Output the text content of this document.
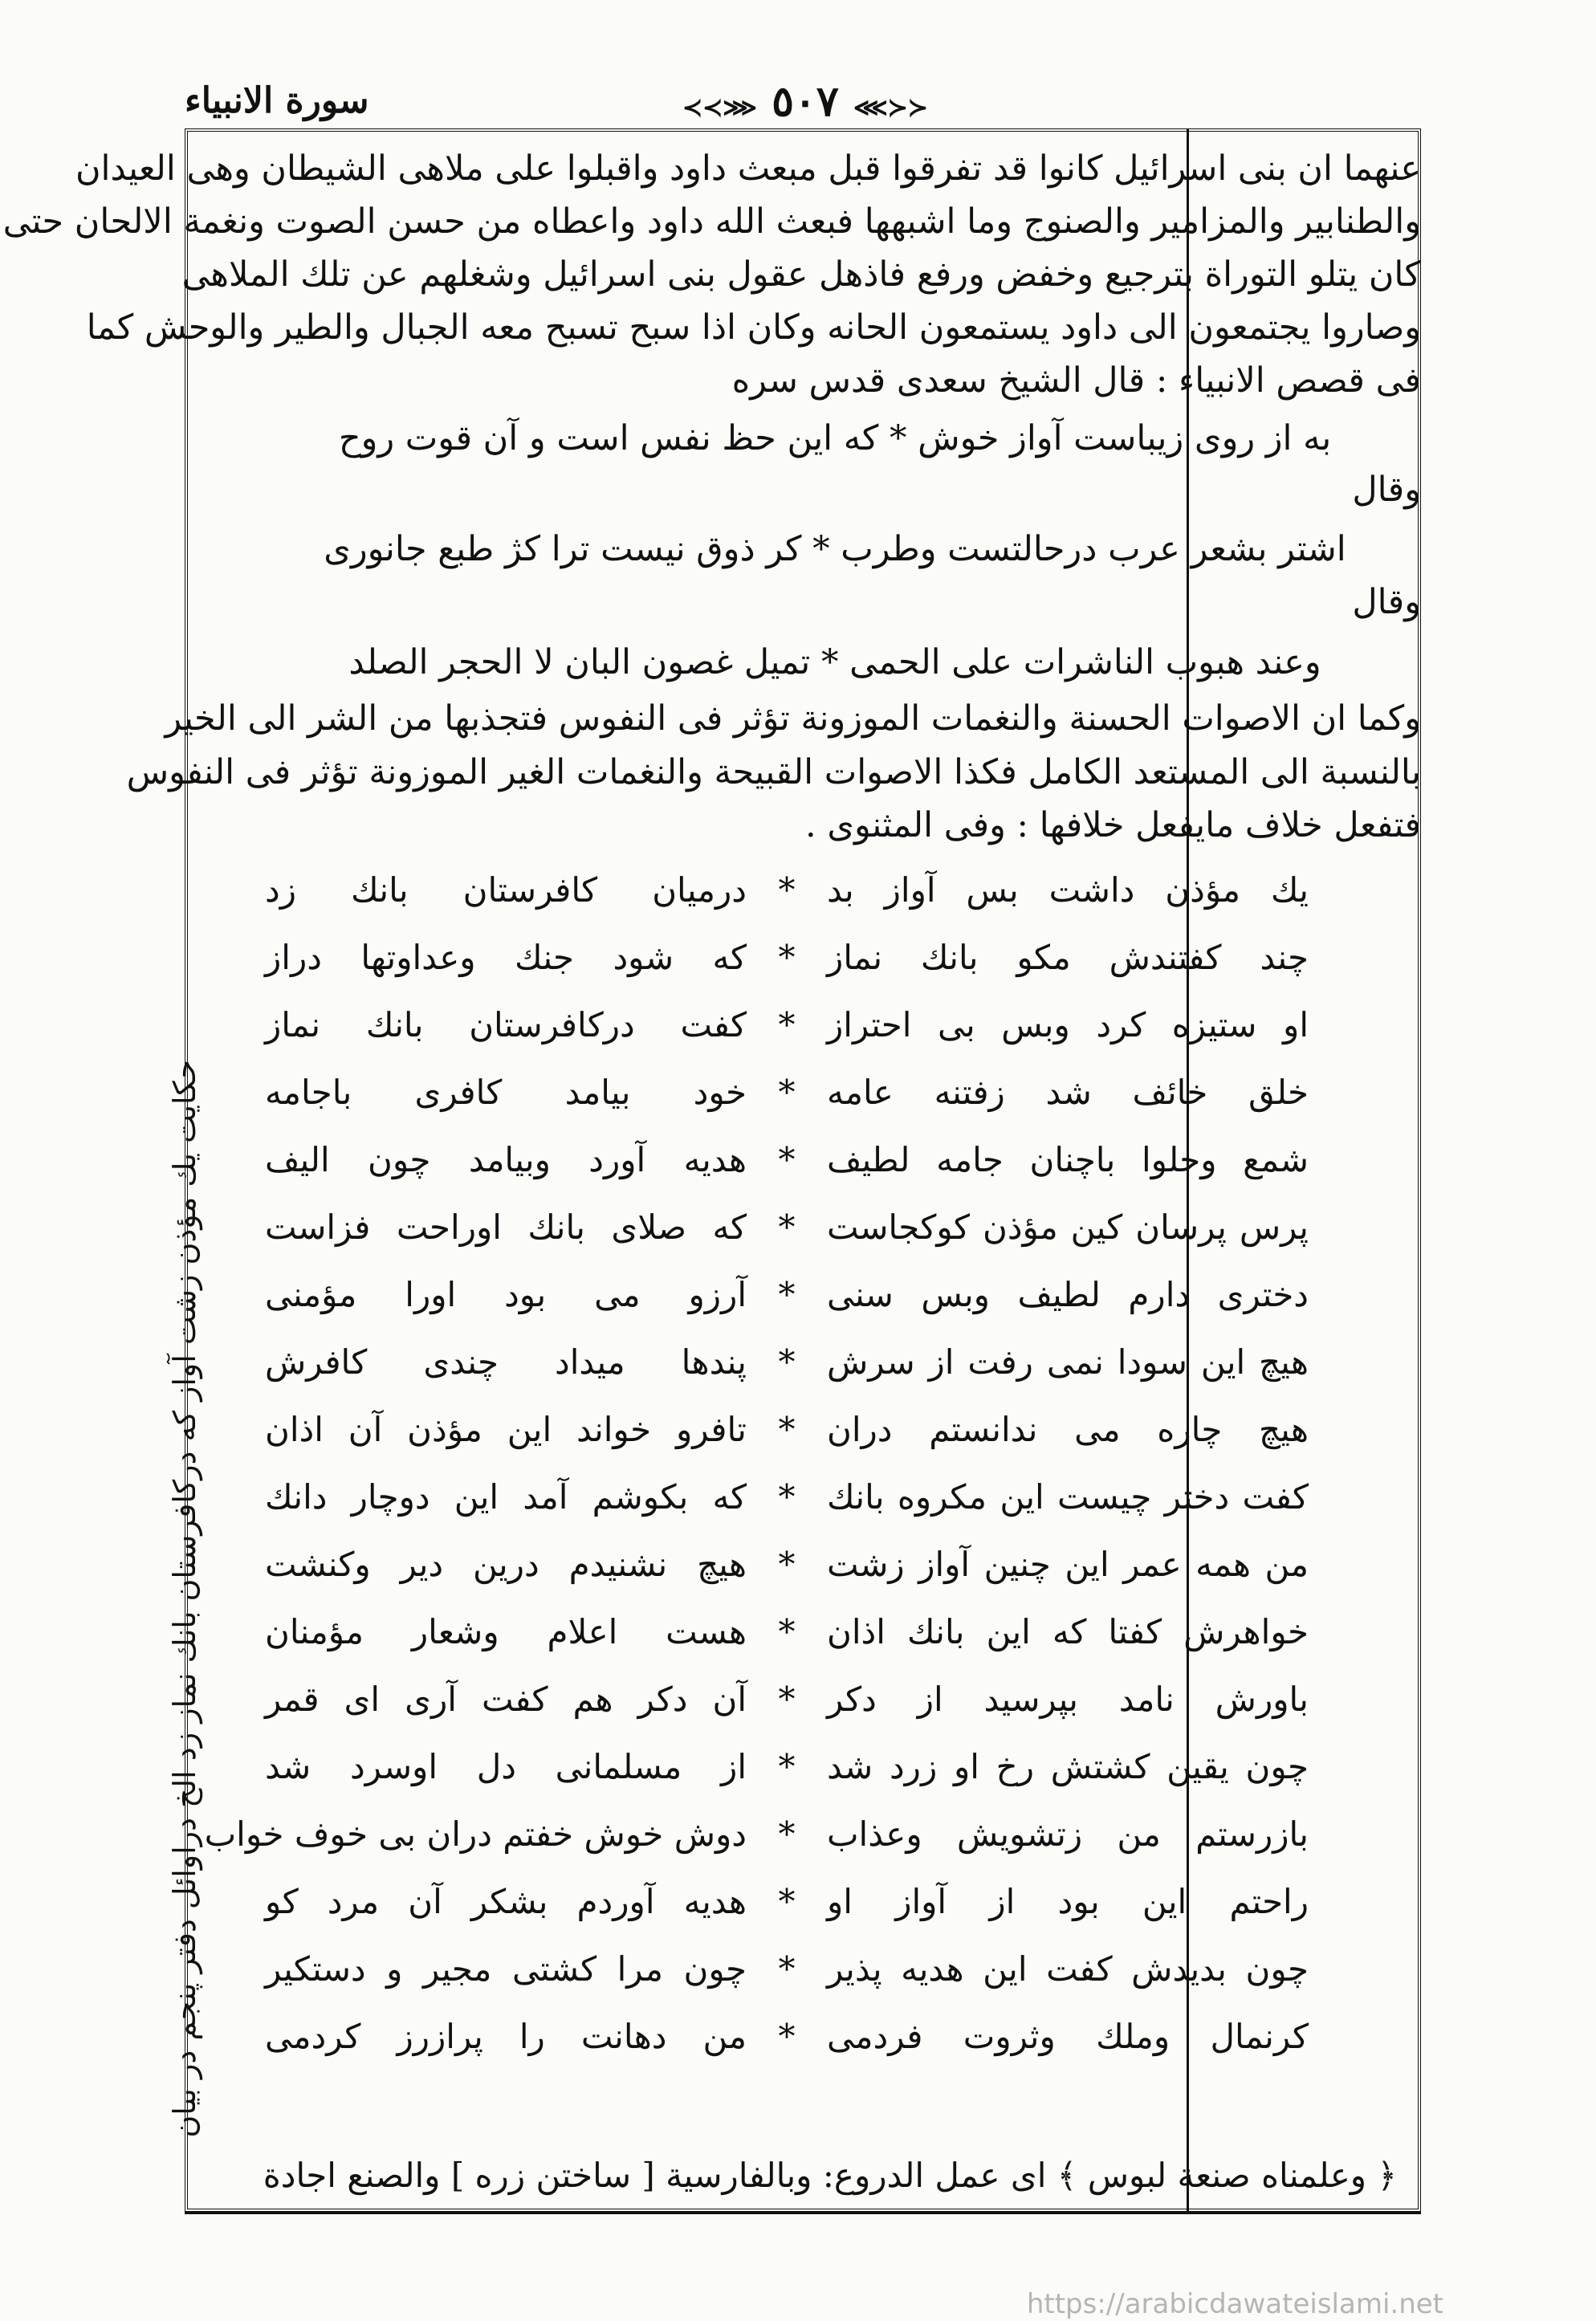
سورة الانبياء	≺≺⋙ ٥٠٧ ⋘≻≻
عنهما ان بنى اسرائيل كانوا قد تفرقوا قبل مبعث داود واقبلوا على ملاهى الشيطان وهى العيدان
والطنابير والمزامير والصنوج وما اشبهها فبعث الله داود واعطاه من حسن الصوت ونغمة الالحان حتى
كان يتلو التوراة بترجيع وخفض ورفع فاذهل عقول بنى اسرائيل وشغلهم عن تلك الملاهى
وصاروا يجتمعون الى داود يستمعون الحانه وكان اذا سبح تسبح معه الجبال والطير والوحش كما
فى قصص الانبياء : قال الشيخ سعدى قدس سره
به از روى زيباست آواز خوش * كه اين حظ نفس است و آن قوت روح
وقال
اشتر بشعر عرب درحالتست وطرب * كر ذوق نيست ترا كژ طبع جانورى
وقال
وعند هبوب الناشرات على الحمى * تميل غصون البان لا الحجر الصلد
وكما ان الاصوات الحسنة والنغمات الموزونة تؤثر فى النفوس فتجذبها من الشر الى الخير
بالنسبة الى المستعد الكامل فكذا الاصوات القبيحة والنغمات الغير الموزونة تؤثر فى النفوس
فتفعل خلاف مايفعل خلافها : وفى المثنوى .
يك مؤذن داشت بس آواز بد
*
درميان كافرستان بانك زد
چند كفتندش مكو بانك نماز
*
كه شود جنك وعداوتها دراز
او ستيزه كرد وبس بى احتراز
*
كفت دركافرستان بانك نماز
خلق خائف شد زفتنه عامه
*
خود بيامد كافرى باجامه
شمع وحلوا باچنان جامه لطيف
*
هديه آورد وبيامد چون اليف
پرس پرسان كين مؤذن كوكجاست
*
كه صلاى بانك اوراحت فزاست
دخترى دارم لطيف وبس سنى
*
آرزو مى بود اورا مؤمنى
هيچ اين سودا نمى رفت از سرش
*
پندها ميداد چندى كافرش
هيچ چاره مى ندانستم دران
*
تافرو خواند اين مؤذن آن اذان
كفت دختر چيست اين مكروه بانك
*
كه بكوشم آمد اين دوچار دانك
من همه عمر اين چنين آواز زشت
*
هيچ نشنيدم درين دير وكنشت
خواهرش كفتا كه اين بانك اذان
*
هست اعلام وشعار مؤمنان
باورش نامد بپرسيد از دكر
*
آن دكر هم كفت آرى اى قمر
چون يقين كشتش رخ او زرد شد
*
از مسلمانى دل اوسرد شد
بازرستم من زتشويش وعذاب
*
دوش خوش خفتم دران بى خوف خواب
راحتم اين بود از آواز او
*
هديه آوردم بشكر آن مرد كو
چون بديدش كفت اين هديه پذير
*
چون مرا كشتى مجير و دستكير
كرنمال وملك وثروت فردمى
*
من دهانت را پرازرز كردمى
حكايت يك مؤذن زشت آواز كه دركافرستان بانك نماز زد الخ دراوائل دفتر پنجم در بيان
﴿ وعلمناه صنعة لبوس ﴾ اى عمل الدروع: وبالفارسية [ ساختن زره ] والصنع اجادة
https://arabicdawateislami.net
